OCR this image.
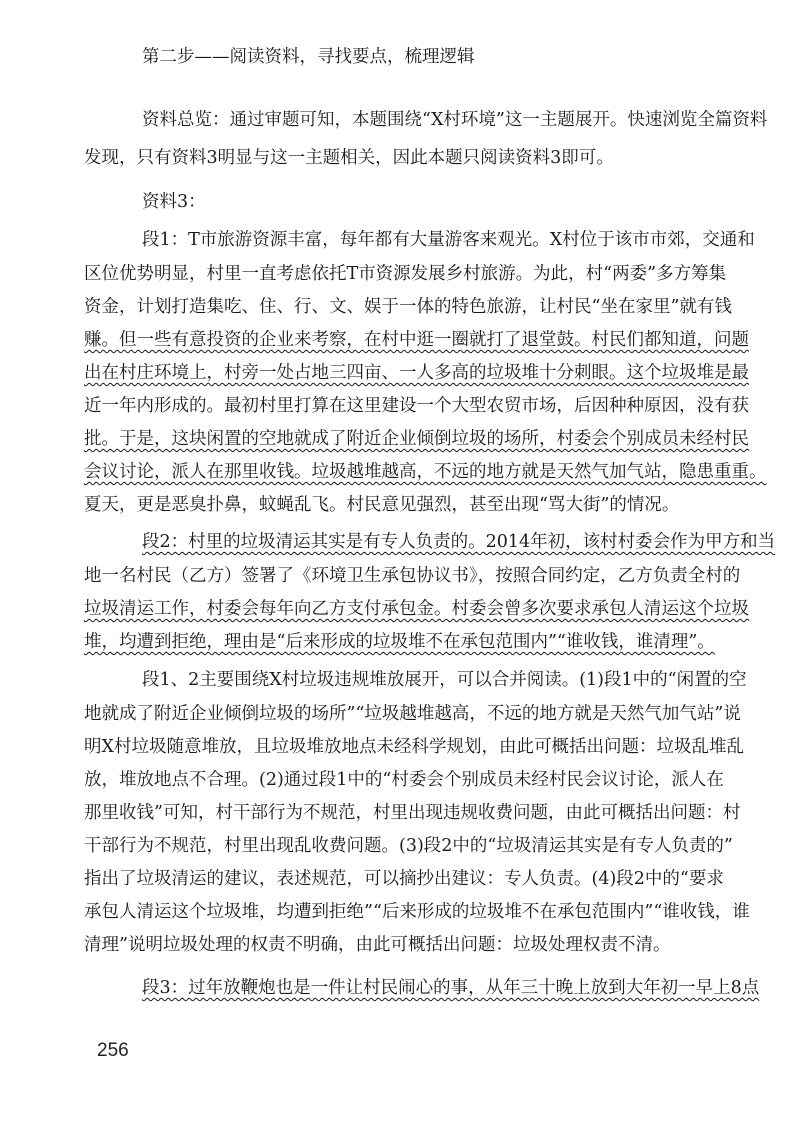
第二步——阅读资料，寻找要点，梳理逻辑
资料总览：通过审题可知，本题围绕“X村环境”这一主题展开。快速浏览全篇资料
发现，只有资料3明显与这一主题相关，因此本题只阅读资料3即可。
资料3：
段1：T市旅游资源丰富，每年都有大量游客来观光。X村位于该市市郊，交通和
区位优势明显，村里一直考虑依托T市资源发展乡村旅游。为此，村“两委”多方筹集
资金，计划打造集吃、住、行、文、娱于一体的特色旅游，让村民“坐在家里”就有钱
赚。但一些有意投资的企业来考察，在村中逛一圈就打了退堂鼓。村民们都知道，问题
出在村庄环境上，村旁一处占地三四亩、一人多高的垃圾堆十分刺眼。这个垃圾堆是最
近一年内形成的。最初村里打算在这里建设一个大型农贸市场，后因种种原因，没有获
批。于是，这块闲置的空地就成了附近企业倾倒垃圾的场所，村委会个别成员未经村民
会议讨论，派人在那里收钱。垃圾越堆越高，不远的地方就是天然气加气站，隐患重重。
夏天，更是恶臭扑鼻，蚊蝇乱飞。村民意见强烈，甚至出现“骂大街”的情况。
段2：村里的垃圾清运其实是有专人负责的。2014年初，该村村委会作为甲方和当
地一名村民（乙方）签署了《环境卫生承包协议书》，按照合同约定，乙方负责全村的
垃圾清运工作，村委会每年向乙方支付承包金。村委会曾多次要求承包人清运这个垃圾
堆，均遭到拒绝，理由是“后来形成的垃圾堆不在承包范围内”“谁收钱，谁清理”。
段1、2主要围绕X村垃圾违规堆放展开，可以合并阅读。(1)段1中的“闲置的空
地就成了附近企业倾倒垃圾的场所”“垃圾越堆越高，不远的地方就是天然气加气站”说
明X村垃圾随意堆放，且垃圾堆放地点未经科学规划，由此可概括出问题：垃圾乱堆乱
放，堆放地点不合理。(2)通过段1中的“村委会个别成员未经村民会议讨论，派人在
那里收钱”可知，村干部行为不规范，村里出现违规收费问题，由此可概括出问题：村
干部行为不规范，村里出现乱收费问题。(3)段2中的“垃圾清运其实是有专人负责的”
指出了垃圾清运的建议，表述规范，可以摘抄出建议：专人负责。(4)段2中的“要求
承包人清运这个垃圾堆，均遭到拒绝”“后来形成的垃圾堆不在承包范围内”“谁收钱，谁
清理”说明垃圾处理的权责不明确，由此可概括出问题：垃圾处理权责不清。
段3：过年放鞭炮也是一件让村民闹心的事，从年三十晚上放到大年初一早上8点
256
